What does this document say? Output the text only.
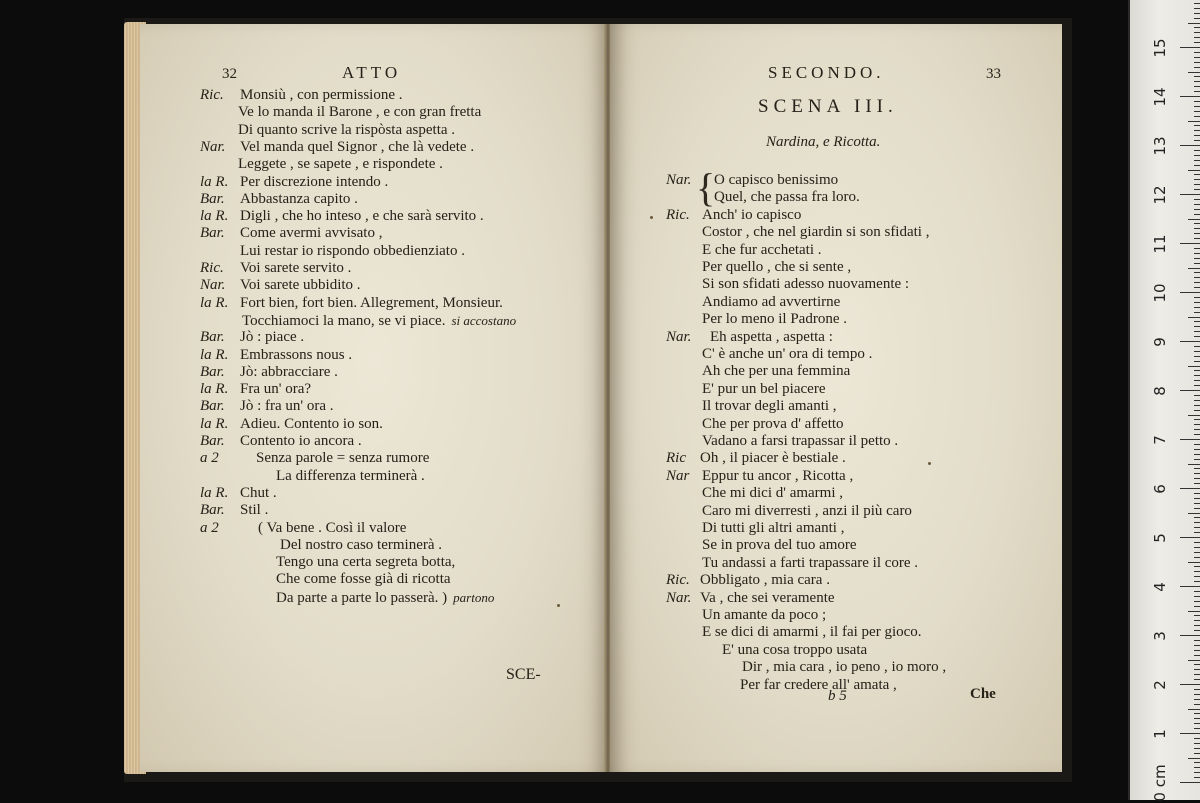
32	ATTO
Ric. Monsiù , con permissione .
Ve lo manda il Barone , e con gran fretta
Di quanto scrive la rispòsta aspetta .
Nar. Vel manda quel Signor , che là vedete .
Leggete , se sapete , e rispondete .
la R. Per discrezione intendo .
Bar. Abbastanza capito .
la R. Digli , che ho inteso , e che sarà servito .
Bar. Come avermi avvisato ,
Lui restar io rispondo obbedienziato .
Ric. Voi sarete servito .
Nar. Voi sarete ubbidito .
la R. Fort bien, fort bien. Allegrement, Monsieur.
Tocchiamoci la mano, se vi piace. si accostano
Bar. Jò : piace .
la R. Embrassons nous .
Bar. Jò: abbracciare .
la R. Fra un' ora?
Bar. Jò : fra un' ora .
la R. Adieu. Contento io son.
Bar. Contento io ancora .
a 2 Senza parole = senza rumore
La differenza terminerà .
la R. Chut .
Bar. Stil .
a 2	( Va bene . Così il valore
Del nostro caso terminerà .
Tengo una certa segreta botta,
Che come fosse già di ricotta
Da parte a parte lo passerà. ) partono
SCE-
SECONDO.	33
SCENA III.
Nardina, e Ricotta.
{
Nar. O capisco benissimo
Quel, che passa fra loro.
Ric. Anch' io capisco
Costor , che nel giardin si son sfidati ,
E che fur acchetati .
Per quello , che si sente ,
Si son sfidati adesso nuovamente :
Andiamo ad avvertirne
Per lo meno il Padrone .
Nar. Eh aspetta , aspetta :
C' è anche un' ora di tempo .
Ah che per una femmina
E' pur un bel piacere
Il trovar degli amanti ,
Che per prova d' affetto
Vadano a farsi trapassar il petto .
Ric Oh , il piacer è bestiale .
Nar Eppur tu ancor , Ricotta ,
Che mi dici d' amarmi ,
Caro mi diverresti , anzi il più caro
Di tutti gli altri amanti ,
Se in prova del tuo amore
Tu andassi a farti trapassare il core .
Ric. Obbligato , mia cara .
Nar. Va , che sei veramente
Un amante da poco ;
E se dici di amarmi , il fai per gioco.
E' una cosa troppo usata
Dir , mia cara , io peno , io moro ,
Per far credere all' amata ,
b 5	Che
15
14
13
12
11
10
9
8
7
6
5
4
3
2
1
0 cm
